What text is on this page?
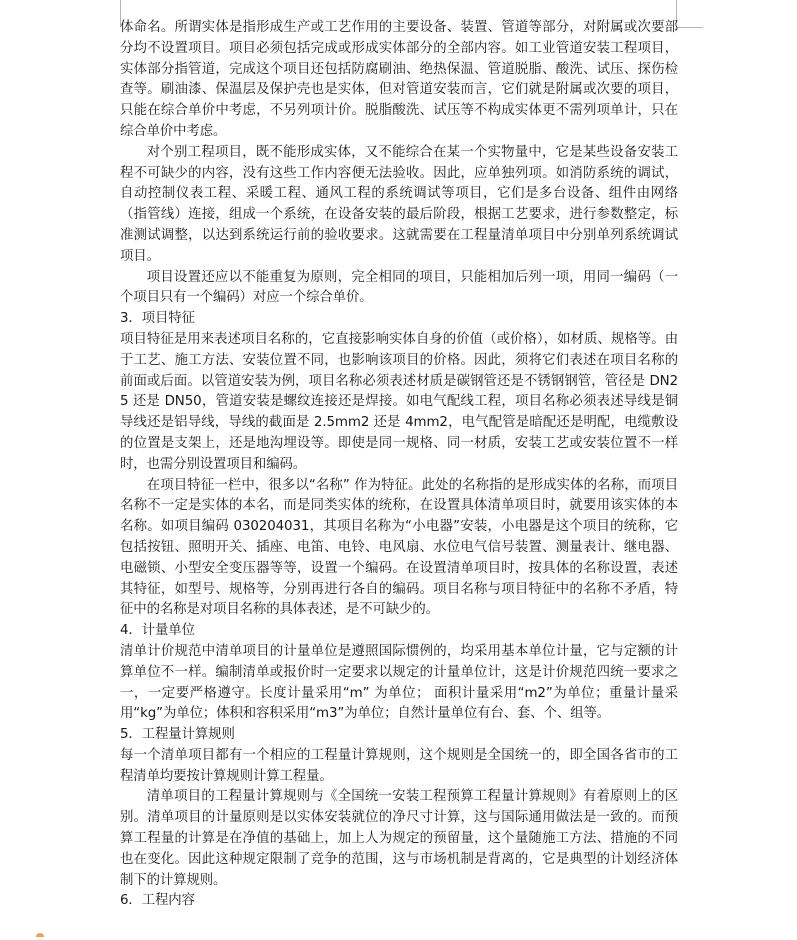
体命名。所谓实体是指形成生产或工艺作用的主要设备、装置、管道等部分，对附属或次要部分均不设置项目。项目必须包括完成或形成实体部分的全部内容。如工业管道安装工程项目，实体部分指管道，完成这个项目还包括防腐刷油、绝热保温、管道脱脂、酸洗、试压、探伤检查等。刷油漆、保温层及保护壳也是实体，但对管道安装而言，它们就是附属或次要的项目，只能在综合单价中考虑，不另列项计价。脱脂酸洗、试压等不构成实体更不需列项单计，只在综合单价中考虑。

对个别工程项目，既不能形成实体，又不能综合在某一个实物量中，它是某些设备安装工程不可缺少的内容，没有这些工作内容便无法验收。因此，应单独列项。如消防系统的调试，自动控制仪表工程、采暖工程、通风工程的系统调试等项目，它们是多台设备、组件由网络（指管线）连接，组成一个系统，在设备安装的最后阶段，根据工艺要求，进行参数整定，标准测试调整，以达到系统运行前的验收要求。这就需要在工程量清单项目中分别单列系统调试项目。

项目设置还应以不能重复为原则，完全相同的项目，只能相加后列一项，用同一编码（一个项目只有一个编码）对应一个综合单价。

3．项目特征

项目特征是用来表述项目名称的，它直接影响实体自身的价值（或价格），如材质、规格等。由于工艺、施工方法、安装位置不同，也影响该项目的价格。因此，须将它们表述在项目名称的前面或后面。以管道安装为例，项目名称必须表述材质是碳钢管还是不锈钢钢管，管径是 DN25 还是 DN50，管道安装是螺纹连接还是焊接。如电气配线工程，项目名称必须表述导线是铜导线还是铝导线，导线的截面是 2.5mm2 还是 4mm2，电气配管是暗配还是明配，电缆敷设的位置是支架上，还是地沟埋设等。即使是同一规格、同一材质，安装工艺或安装位置不一样时，也需分别设置项目和编码。

在项目特征一栏中，很多以“名称” 作为特征。此处的名称指的是形成实体的名称，而项目名称不一定是实体的本名，而是同类实体的统称，在设置具体清单项目时，就要用该实体的本名称。如项目编码 030204031，其项目名称为“小电器”安装，小电器是这个项目的统称，它包括按钮、照明开关、插座、电笛、电铃、电风扇、水位电气信号装置、测量表计、继电器、电磁锁、小型安全变压器等等，设置一个编码。在设置清单项目时，按具体的名称设置，表述其特征，如型号、规格等，分别再进行各自的编码。项目名称与项目特征中的名称不矛盾，特征中的名称是对项目名称的具体表述，是不可缺少的。

4．计量单位

清单计价规范中清单项目的计量单位是遵照国际惯例的，均采用基本单位计量，它与定额的计算单位不一样。编制清单或报价时一定要求以规定的计量单位计，这是计价规范四统一要求之一，一定要严格遵守。长度计量采用“m” 为单位； 面积计量采用“m2”为单位；重量计量采用“kg”为单位；体积和容积采用“m3”为单位；自然计量单位有台、套、个、组等。

5．工程量计算规则

每一个清单项目都有一个相应的工程量计算规则，这个规则是全国统一的，即全国各省市的工程清单均要按计算规则计算工程量。

清单项目的工程量计算规则与《全国统一安装工程预算工程量计算规则》有着原则上的区别。清单项目的计量原则是以实体安装就位的净尺寸计算，这与国际通用做法是一致的。而预算工程量的计算是在净值的基础上，加上人为规定的预留量，这个量随施工方法、措施的不同也在变化。因此这种规定限制了竞争的范围，这与市场机制是背离的，它是典型的计划经济体制下的计算规则。

6．工程内容
